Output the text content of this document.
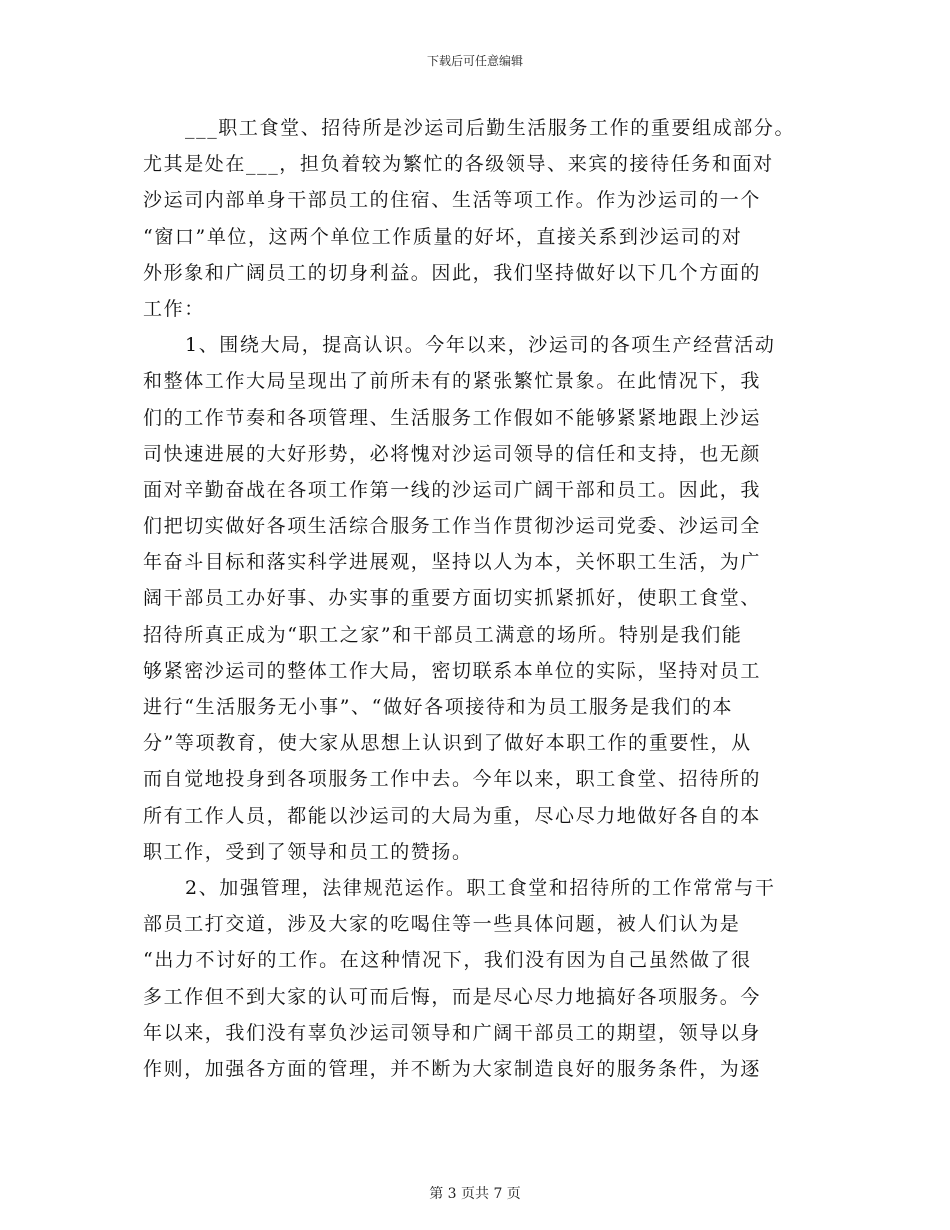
下载后可任意编辑
___职工食堂、招待所是沙运司后勤生活服务工作的重要组成部分。
尤其是处在___，担负着较为繁忙的各级领导、来宾的接待任务和面对
沙运司内部单身干部员工的住宿、生活等项工作。作为沙运司的一个
“窗口”单位，这两个单位工作质量的好坏，直接关系到沙运司的对
外形象和广阔员工的切身利益。因此，我们坚持做好以下几个方面的
工作：
1、围绕大局，提高认识。今年以来，沙运司的各项生产经营活动
和整体工作大局呈现出了前所未有的紧张繁忙景象。在此情况下，我
们的工作节奏和各项管理、生活服务工作假如不能够紧紧地跟上沙运
司快速进展的大好形势，必将愧对沙运司领导的信任和支持，也无颜
面对辛勤奋战在各项工作第一线的沙运司广阔干部和员工。因此，我
们把切实做好各项生活综合服务工作当作贯彻沙运司党委、沙运司全
年奋斗目标和落实科学进展观，坚持以人为本，关怀职工生活，为广
阔干部员工办好事、办实事的重要方面切实抓紧抓好，使职工食堂、
招待所真正成为“职工之家”和干部员工满意的场所。特别是我们能
够紧密沙运司的整体工作大局，密切联系本单位的实际，坚持对员工
进行“生活服务无小事”、“做好各项接待和为员工服务是我们的本
分”等项教育，使大家从思想上认识到了做好本职工作的重要性，从
而自觉地投身到各项服务工作中去。今年以来，职工食堂、招待所的
所有工作人员，都能以沙运司的大局为重，尽心尽力地做好各自的本
职工作，受到了领导和员工的赞扬。
2、加强管理，法律规范运作。职工食堂和招待所的工作常常与干
部员工打交道，涉及大家的吃喝住等一些具体问题，被人们认为是
“出力不讨好的工作。在这种情况下，我们没有因为自己虽然做了很
多工作但不到大家的认可而后悔，而是尽心尽力地搞好各项服务。今
年以来，我们没有辜负沙运司领导和广阔干部员工的期望，领导以身
作则，加强各方面的管理，并不断为大家制造良好的服务条件，为逐
第 3 页共 7 页
